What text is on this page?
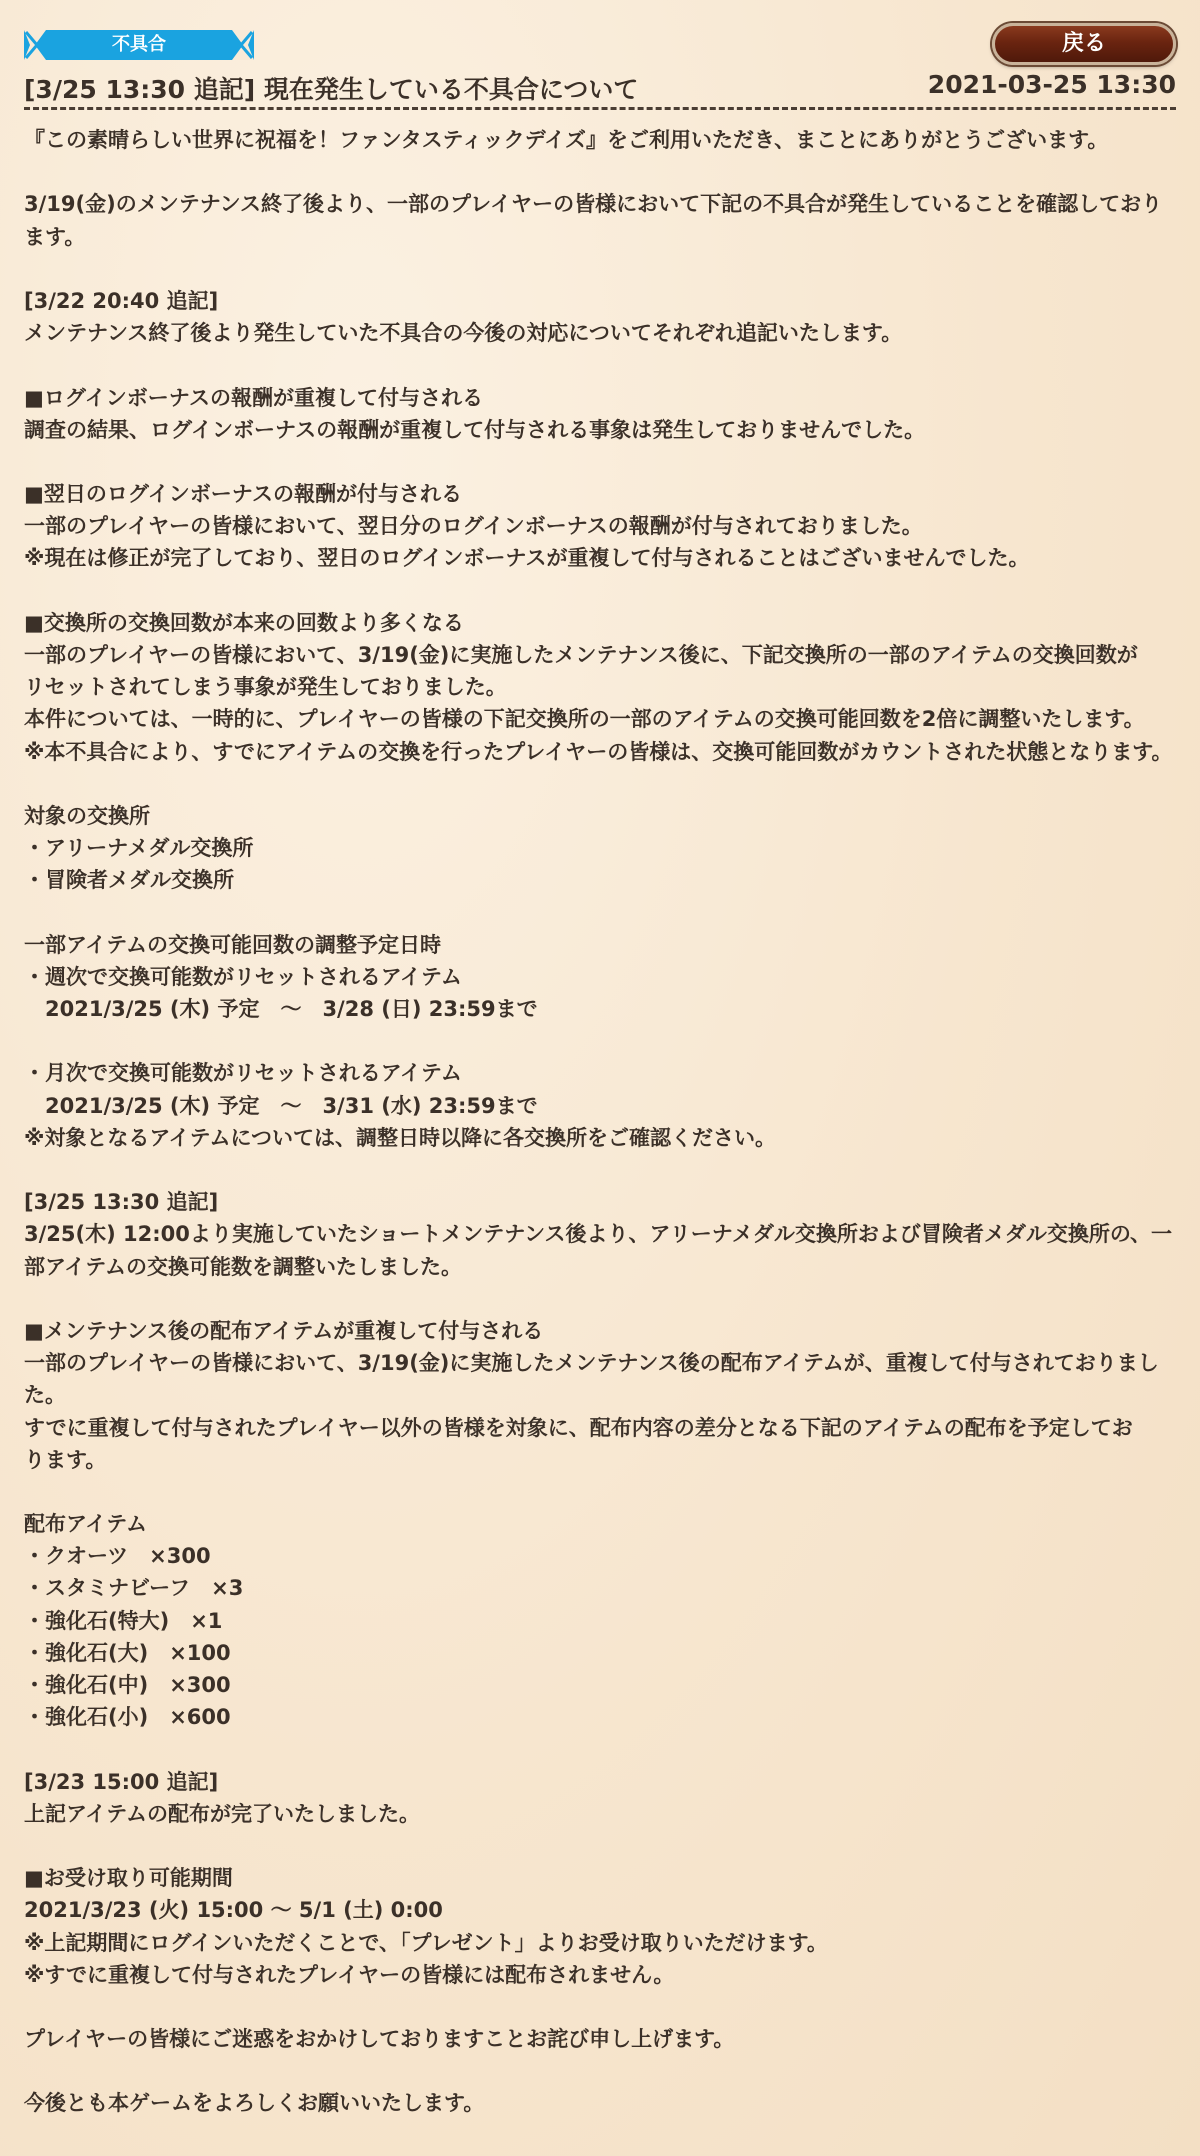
不具合	戻る
[3/25 13:30 追記] 現在発生している不具合について	2021-03-25 13:30
『この素晴らしい世界に祝福を！ファンタスティックデイズ』をご利用いただき、まことにありがとうございます。
3/19(金)のメンテナンス終了後より、一部のプレイヤーの皆様において下記の不具合が発生していることを確認しており
ます。
[3/22 20:40 追記]
メンテナンス終了後より発生していた不具合の今後の対応についてそれぞれ追記いたします。
■ログインボーナスの報酬が重複して付与される
調査の結果、ログインボーナスの報酬が重複して付与される事象は発生しておりませんでした。
■翌日のログインボーナスの報酬が付与される
一部のプレイヤーの皆様において、翌日分のログインボーナスの報酬が付与されておりました。
※現在は修正が完了しており、翌日のログインボーナスが重複して付与されることはございませんでした。
■交換所の交換回数が本来の回数より多くなる
一部のプレイヤーの皆様において、3/19(金)に実施したメンテナンス後に、下記交換所の一部のアイテムの交換回数が
リセットされてしまう事象が発生しておりました。
本件については、一時的に、プレイヤーの皆様の下記交換所の一部のアイテムの交換可能回数を2倍に調整いたします。
※本不具合により、すでにアイテムの交換を行ったプレイヤーの皆様は、交換可能回数がカウントされた状態となります。
対象の交換所
・アリーナメダル交換所
・冒険者メダル交換所
一部アイテムの交換可能回数の調整予定日時
・週次で交換可能数がリセットされるアイテム
　2021/3/25 (木) 予定　～　3/28 (日) 23:59まで
・月次で交換可能数がリセットされるアイテム
　2021/3/25 (木) 予定　～　3/31 (水) 23:59まで
※対象となるアイテムについては、調整日時以降に各交換所をご確認ください。
[3/25 13:30 追記]
3/25(木) 12:00より実施していたショートメンテナンス後より、アリーナメダル交換所および冒険者メダル交換所の、一
部アイテムの交換可能数を調整いたしました。
■メンテナンス後の配布アイテムが重複して付与される
一部のプレイヤーの皆様において、3/19(金)に実施したメンテナンス後の配布アイテムが、重複して付与されておりまし
た。
すでに重複して付与されたプレイヤー以外の皆様を対象に、配布内容の差分となる下記のアイテムの配布を予定してお
ります。
配布アイテム
・クオーツ　×300
・スタミナビーフ　×3
・強化石(特大)　×1
・強化石(大)　×100
・強化石(中)　×300
・強化石(小)　×600
[3/23 15:00 追記]
上記アイテムの配布が完了いたしました。
■お受け取り可能期間
2021/3/23 (火) 15:00 ～ 5/1 (土) 0:00
※上記期間にログインいただくことで、「プレゼント」よりお受け取りいただけます。
※すでに重複して付与されたプレイヤーの皆様には配布されません。
プレイヤーの皆様にご迷惑をおかけしておりますことお詫び申し上げます。
今後とも本ゲームをよろしくお願いいたします。
